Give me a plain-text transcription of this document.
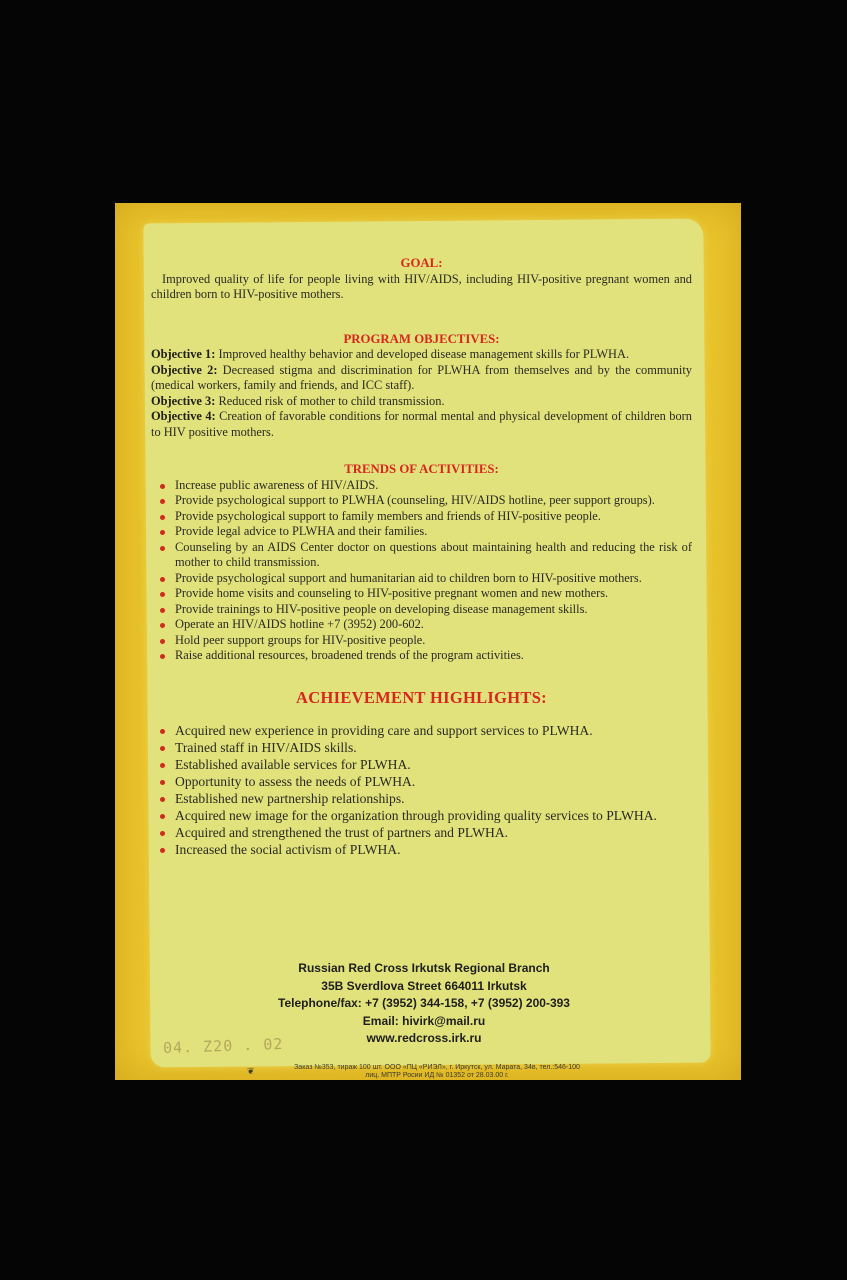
GOAL:

Improved quality of life for people living with HIV/AIDS, including HIV-positive pregnant women and children born to HIV-positive mothers.

PROGRAM OBJECTIVES:

Objective 1: Improved healthy behavior and developed disease management skills for PLWHA.

Objective 2: Decreased stigma and discrimination for PLWHA from themselves and by the community (medical workers, family and friends, and ICC staff).

Objective 3: Reduced risk of mother to child transmission.

Objective 4: Creation of favorable conditions for normal mental and physical development of children born to HIV positive mothers.

TRENDS OF ACTIVITIES:
Increase public awareness of HIV/AIDS.
Provide psychological support to PLWHA (counseling, HIV/AIDS hotline, peer support groups).
Provide psychological support to family members and friends of HIV-positive people.
Provide legal advice to PLWHA and their families.
Counseling by an AIDS Center doctor on questions about maintaining health and reducing the risk of mother to child transmission.
Provide psychological support and humanitarian aid to children born to HIV-positive mothers.
Provide home visits and counseling to HIV-positive pregnant women and new mothers.
Provide trainings to HIV-positive people on developing disease management skills.
Operate an HIV/AIDS hotline +7 (3952) 200-602.
Hold peer support groups for HIV-positive people.
Raise additional resources, broadened trends of the program activities.
ACHIEVEMENT HIGHLIGHTS:
Acquired new experience in providing care and support services to PLWHA.
Trained staff in HIV/AIDS skills.
Established available services for PLWHA.
Opportunity to assess the needs of PLWHA.
Established new partnership relationships.
Acquired new image for the organization through providing quality services to PLWHA.
Acquired and strengthened the trust of partners and PLWHA.
Increased the social activism of PLWHA.
Russian Red Cross Irkutsk Regional Branch
35B Sverdlova Street 664011 Irkutsk
Telephone/fax: +7 (3952) 344-158, +7 (3952) 200-393
Email: hivirk@mail.ru
www.redcross.irk.ru
04. Z20 . 02
❦	Заказ №353, тираж 100 шт. ООО «ПЦ «РИЭЛ», г. Иркутск, ул. Марата, 34в, тел.:546-100
лиц. МПТР Росии ИД № 01352 от 28.03.00 г.
